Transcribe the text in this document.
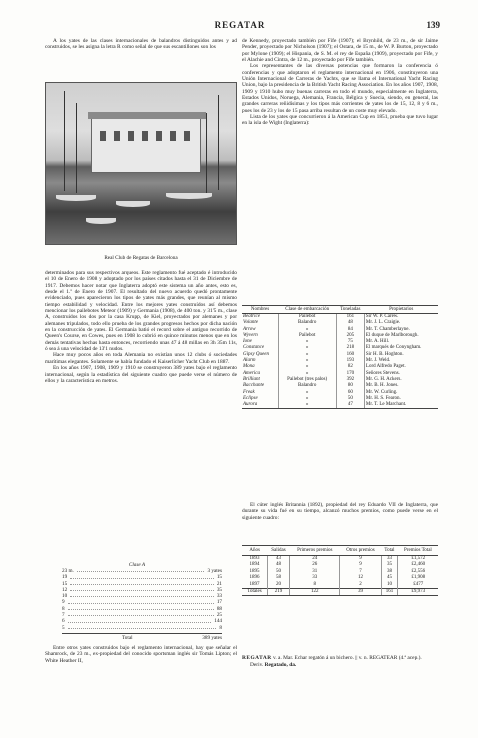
REGATAR	139

A los yates de las clases internacionales de balandros distinguidos antes y ad construidos, se les asigna la letra R como señal de que sus escantillones son los

Real Club de Regatas de Barcelona

determinados para sus respectivos arqueos. Este reglamento fué aceptado é introducido el 10 de Enero de 1908 y adoptado por los países citados hasta el 31 de Diciembre de 1917. Debemos hacer notar que Inglaterra adoptó este sistema un año antes, esto es, desde el 1.º de Enero de 1907. El resultado del nuevo acuerdo quedó prontamente evidenciado, pues aparecieron los tipos de yates más grandes, que reunían al mismo tiempo estabilidad y velocidad. Entre los mejores yates construídos así debemos mencionar los pailebotes Meteor (1909) y Germania (1908), de 400 ton. y 31'5 m., clase A, construidos los dos por la casa Krupp, de Kiel, proyectados por alemanes y por alemanes tripulados, todo ello prueba de los grandes progresos hechos por dicha nación en la construcción de yates. El Germania batió el record sobre el antiguo recorrido de Queen's Course, en Cowes, pues en 1908 lo cubrió en quince minutos menos que en los demás tentativas hechas hasta entonces, recorriendo unas 47 á 48 millas en 3h 35m 11s, ó sea á una velocidad de 13'1 nudos.

Hace muy pocos años en toda Alemania no existían unos 12 clubs ó sociedades marítimas elegantes. Solamente se había fundado el Kaiserlicher Yacht Club en 1887.

En los años 1907, 1908, 1909 y 1910 se construyeron 389 yates bajo el reglamento internacional, según la estadística del siguiente cuadro que puede verse el número de ellos y la característica en metros.

Clase A
23 m.	3 yates
19	15
15	21
12	35
10	33
9	17
8	88
7	25
6	144
5	8
Total	389 yates

Entre otros yates construidos bajo el reglamento internacional, hay que señalar el Shamrock, de 23 m., ex-propiedad del conocido sportsman inglés sir Tomás Lipton; el White Heather II,

de Kennedy, proyectado también por Fife (1907); el Brynhild, de 23 m., de sir Jaime Pender, proyectado por Nicholson (1907); el Ostara, de 15 m., de W. P. Burton, proyectado por Mylone (1909); el Hispania, de S. M. el rey de España (1909), proyectado por Fife, y el Alachie and Cintra, de 12 m., proyectado por Fife también.

Los representantes de las diversas potencias que formaron la conferencia ó conferencias y que adoptaron el reglamento internacional en 1906, constituyeron una Unión Internacional de Carreras de Yachts, que se llama el International Yacht Racing Union, bajo la presidencia de la British Yacht Racing Association. En los años 1907, 1908, 1909 y 1910 hubo muy buenas carreras en todo el mundo, especialmente en Inglaterra, Estados Unidos, Noruega, Alemania, Francia, Bélgica y Suecia, siendo, en general, las grandes carreras reñidísimas y los tipos más corrientes de yates los de 15, 12, 8 y 6 m., pues los de 23 y los de 15 pasa arriba resultan de un coste muy elevado.

Lista de los yates que concurrieron á la American Cup en 1851, prueba que tuvo lugar en la isla de Wight (Inglaterra):

Nombres	Clase de embarcación	Toneladas	Propietarios
Beatrice	Pailebot	161	Sir W. P. Carew.
Volante	Balandro	48	Mr. J. L. Craigie.
Arrow	»	84	Mr. T. Chamberlayne.
Wyvern	Pailebot	205	El duque de Marlborough.
Ione	»	75	Mr. A. Hill.
Constance	»	218	El marqués de Conyngham.
Gipsy Queen	»	160	Sir H. B. Hoghton.
Alarm	»	193	Mr. J. Weld.
Mona	»	82	Lord Alfredo Paget.
America	»	170	Señores Stevens.
Brilliant	Pailebot (tres palos)	392	Mr. G. H. Ackers.
Bacchante	Balandro	80	Mr. B. H. Jones.
Freak	»	60	Mr. W. Curling.
Eclipse	»	50	Mr. H. S. Fearon.
Aurora	»	47	Mr. T. Le Marchant.

El cúter inglés Britannia (1892), propiedad del rey Eduardo VII de Inglaterra, que durante su vida fué en su tiempo, alcanzó muchos premios, como puede verse en el siguiente cuadro:

Años	Salidas	Primeros premios	Otros premios	Total	Premios Total
1893	43	24	9	33	£1,572
1894	48	26	9	35	£2,460
1895	50	31	7	38	£2,556
1896	58	33	12	45	£1,908
1897	20	8	2	10	£477
Totales	219	122	39	161	£9,973
REGATAR v. a. Mar. Echar regatón á un bichero. || v. n. REGATEAR (4.ª acep.).
Deriv. Regatado, da.
